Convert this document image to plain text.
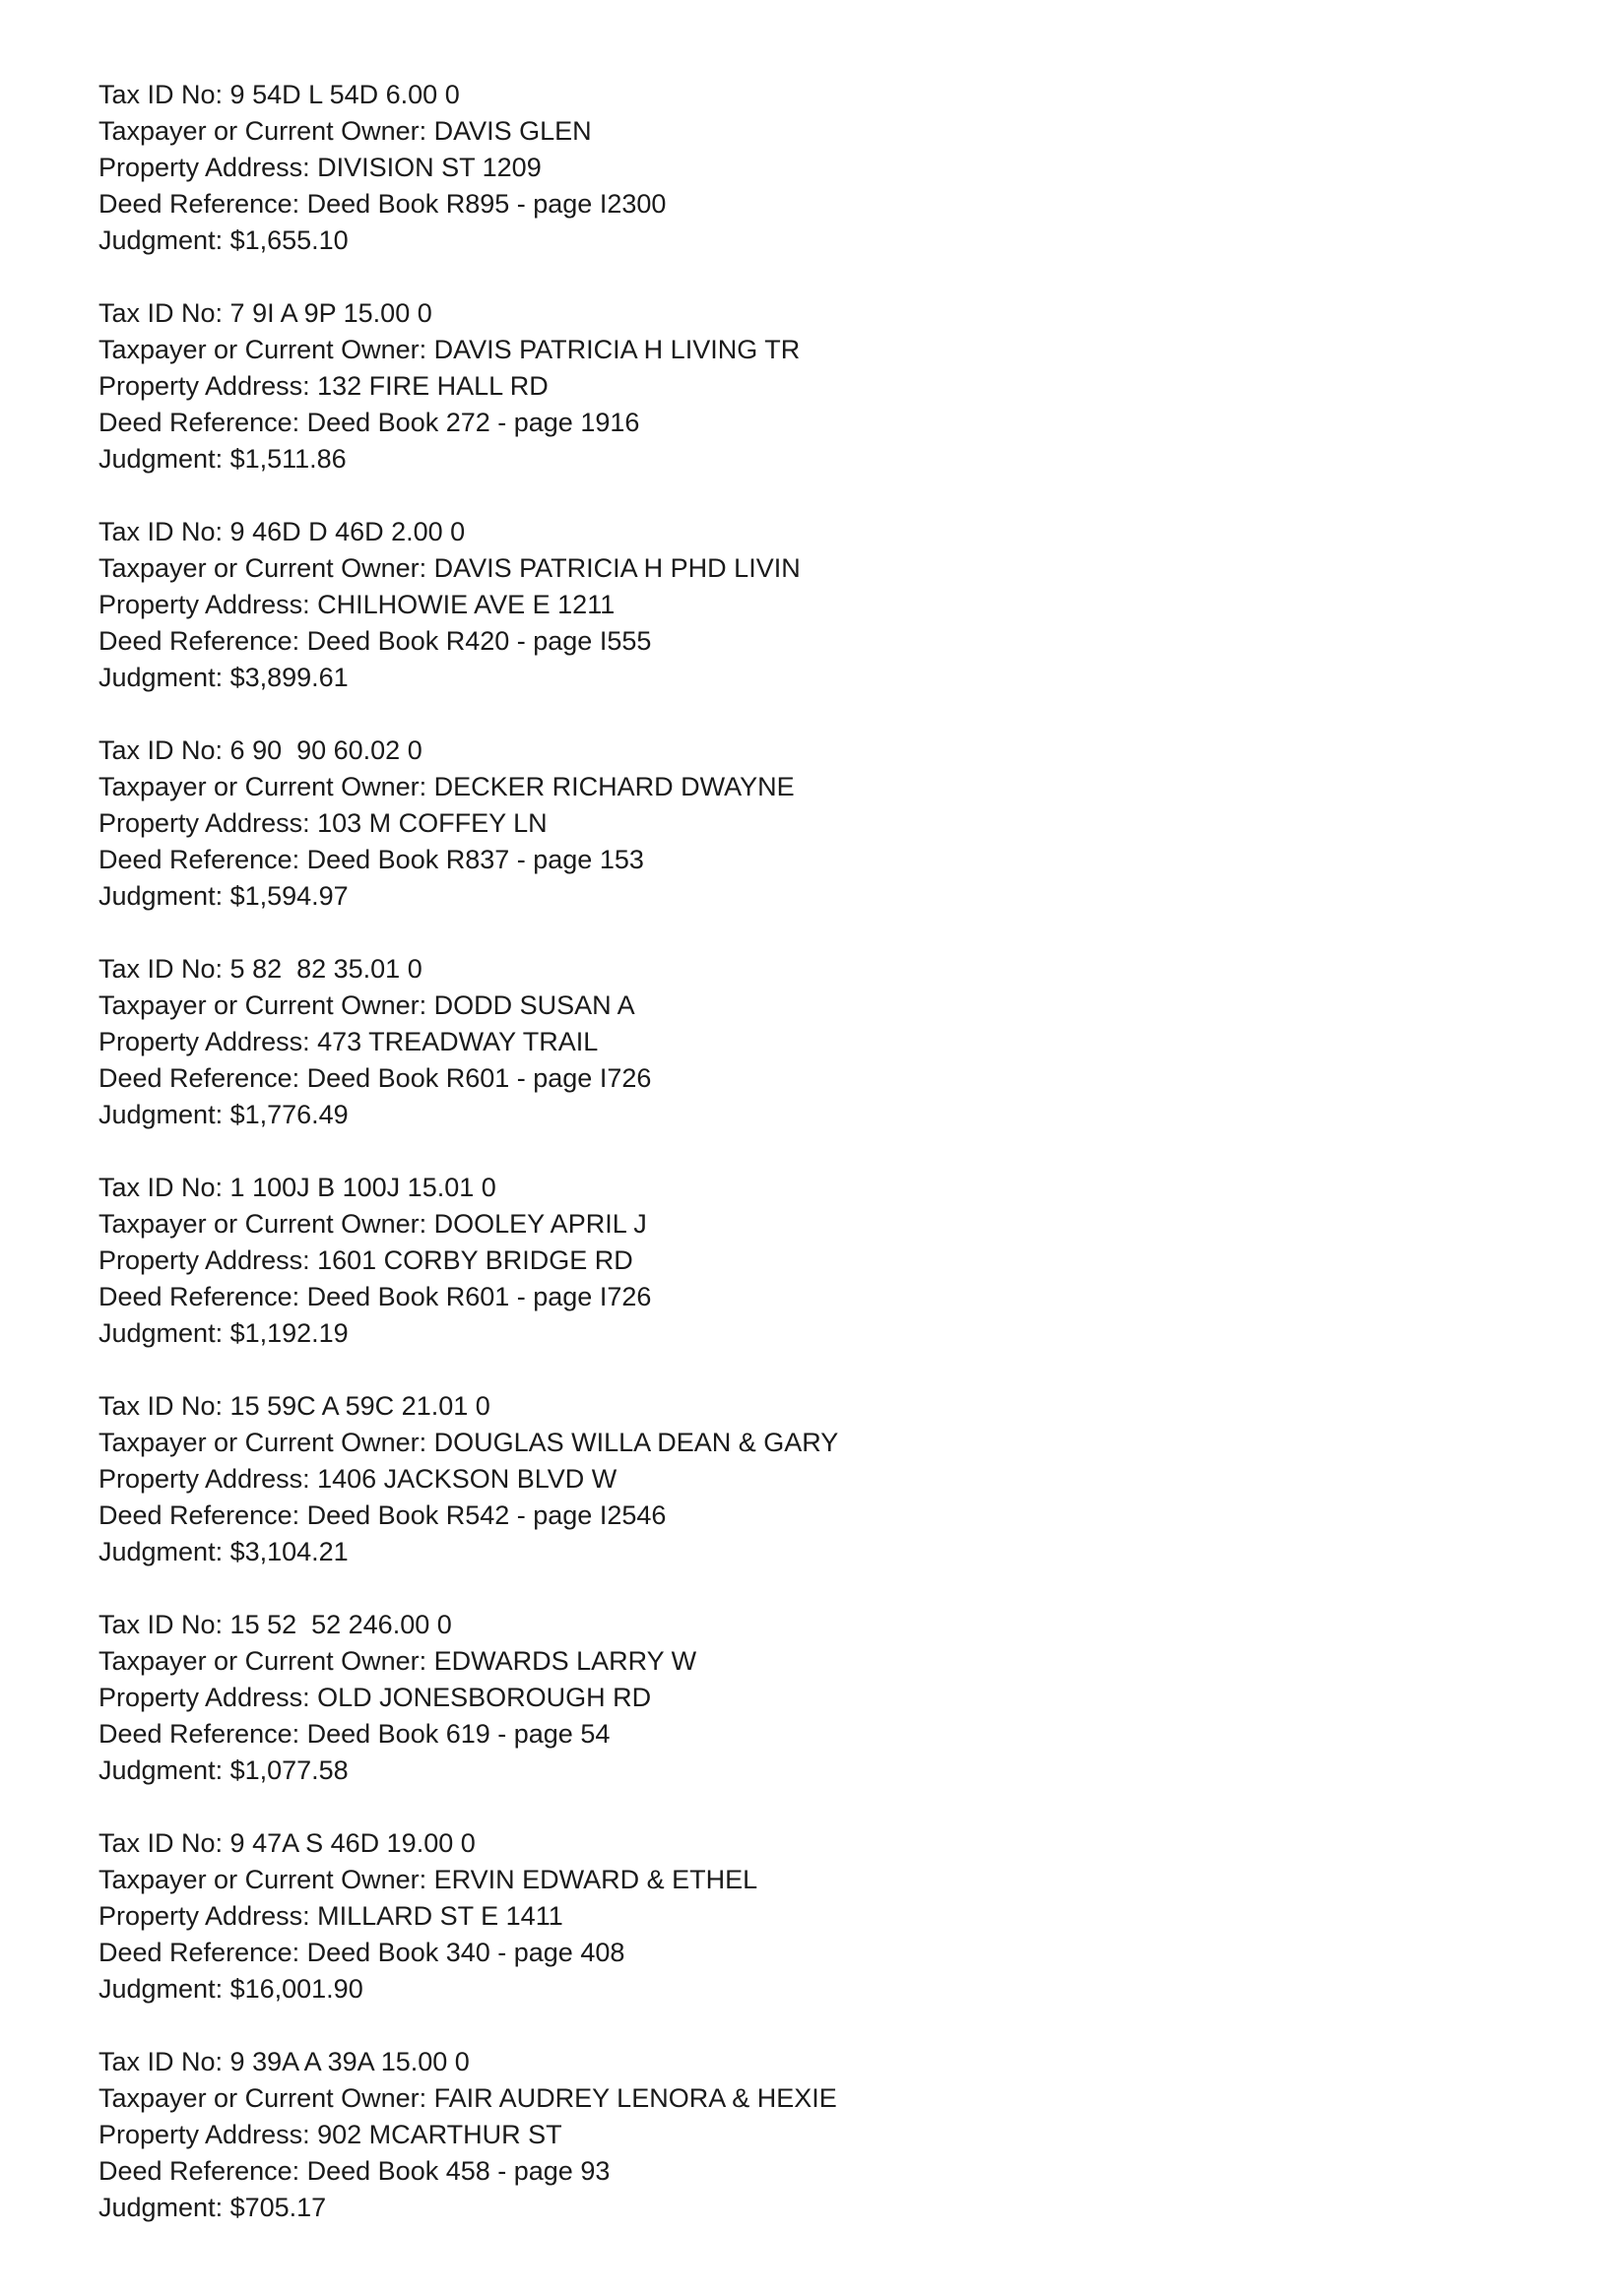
Tax ID No: 9 54D L 54D 6.00 0
Taxpayer or Current Owner: DAVIS GLEN
Property Address: DIVISION ST 1209
Deed Reference: Deed Book R895 - page I2300
Judgment: $1,655.10
Tax ID No: 7 9I A 9P 15.00 0
Taxpayer or Current Owner: DAVIS PATRICIA H LIVING TR
Property Address: 132 FIRE HALL RD
Deed Reference: Deed Book 272 - page 1916
Judgment: $1,511.86
Tax ID No: 9 46D D 46D 2.00 0
Taxpayer or Current Owner: DAVIS PATRICIA H PHD LIVIN
Property Address: CHILHOWIE AVE E 1211
Deed Reference: Deed Book R420 - page I555
Judgment: $3,899.61
Tax ID No: 6 90  90 60.02 0
Taxpayer or Current Owner: DECKER RICHARD DWAYNE
Property Address: 103 M COFFEY LN
Deed Reference: Deed Book R837 - page 153
Judgment: $1,594.97
Tax ID No: 5 82  82 35.01 0
Taxpayer or Current Owner: DODD SUSAN A
Property Address: 473 TREADWAY TRAIL
Deed Reference: Deed Book R601 - page I726
Judgment: $1,776.49
Tax ID No: 1 100J B 100J 15.01 0
Taxpayer or Current Owner: DOOLEY APRIL J
Property Address: 1601 CORBY BRIDGE RD
Deed Reference: Deed Book R601 - page I726
Judgment: $1,192.19
Tax ID No: 15 59C A 59C 21.01 0
Taxpayer or Current Owner: DOUGLAS WILLA DEAN & GARY
Property Address: 1406 JACKSON BLVD W
Deed Reference: Deed Book R542 - page I2546
Judgment: $3,104.21
Tax ID No: 15 52  52 246.00 0
Taxpayer or Current Owner: EDWARDS LARRY W
Property Address: OLD JONESBOROUGH RD
Deed Reference: Deed Book 619 - page 54
Judgment: $1,077.58
Tax ID No: 9 47A S 46D 19.00 0
Taxpayer or Current Owner: ERVIN EDWARD & ETHEL
Property Address: MILLARD ST E 1411
Deed Reference: Deed Book 340 - page 408
Judgment: $16,001.90
Tax ID No: 9 39A A 39A 15.00 0
Taxpayer or Current Owner: FAIR AUDREY LENORA & HEXIE
Property Address: 902 MCARTHUR ST
Deed Reference: Deed Book 458 - page 93
Judgment: $705.17
